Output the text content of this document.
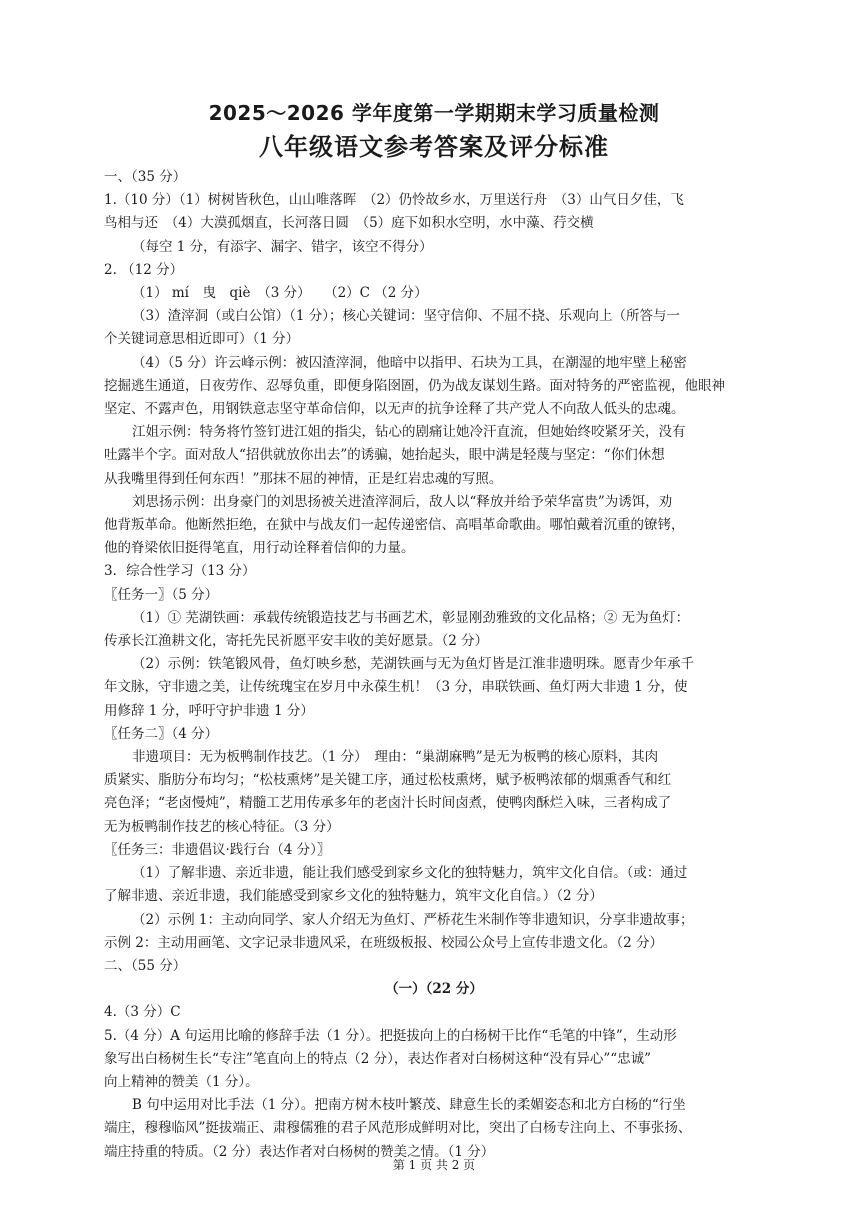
2025～2026 学年度第一学期期末学习质量检测
八年级语文参考答案及评分标准

一、（35 分）

1.（10 分）（1）树树皆秋色，山山唯落晖　（2）仍怜故乡水，万里送行舟　（3）山气日夕佳，飞

鸟相与还　（4）大漠孤烟直，长河落日圆　（5）庭下如积水空明，水中藻、荇交横

（每空 1 分，有添字、漏字、错字，该空不得分）

2. （12 分）

（1） mí　曳　qiè　（3 分）　　（2）C （2 分）

（3）渣滓洞（或白公馆）（1 分）；核心关键词：坚守信仰、不屈不挠、乐观向上（所答与一

个关键词意思相近即可）（1 分）

（4）（5 分）许云峰示例：被囚渣滓洞，他暗中以指甲、石块为工具，在潮湿的地牢壁上秘密

挖掘逃生通道，日夜劳作、忍辱负重，即便身陷囹圄，仍为战友谋划生路。面对特务的严密监视，他眼神

坚定、不露声色，用钢铁意志坚守革命信仰，以无声的抗争诠释了共产党人不向敌人低头的忠魂。

江姐示例：特务将竹签钉进江姐的指尖，钻心的剧痛让她冷汗直流，但她始终咬紧牙关，没有

吐露半个字。面对敌人“招供就放你出去”的诱骗，她抬起头，眼中满是轻蔑与坚定：“你们休想

从我嘴里得到任何东西！”那抹不屈的神情，正是红岩忠魂的写照。

刘思扬示例：出身豪门的刘思扬被关进渣滓洞后，敌人以“释放并给予荣华富贵”为诱饵，劝

他背叛革命。他断然拒绝，在狱中与战友们一起传递密信、高唱革命歌曲。哪怕戴着沉重的镣铐，

他的脊梁依旧挺得笔直，用行动诠释着信仰的力量。

3．综合性学习（13 分）

〖任务一〗（5 分）

（1）① 芜湖铁画：承载传统锻造技艺与书画艺术，彰显刚劲雅致的文化品格；② 无为鱼灯：

传承长江渔耕文化，寄托先民祈愿平安丰收的美好愿景。（2 分）

（2）示例：铁笔锻风骨，鱼灯映乡愁，芜湖铁画与无为鱼灯皆是江淮非遗明珠。愿青少年承千

年文脉，守非遗之美，让传统瑰宝在岁月中永葆生机！（3 分，串联铁画、鱼灯两大非遗 1 分，使

用修辞 1 分，呼吁守护非遗 1 分）

〖任务二〗（4 分）

非遗项目：无为板鸭制作技艺。（1 分）　理由：“巢湖麻鸭”是无为板鸭的核心原料，其肉

质紧实、脂肪分布均匀；“松枝熏烤”是关键工序，通过松枝熏烤，赋予板鸭浓郁的烟熏香气和红

亮色泽；“老卤慢炖”，精髓工艺用传承多年的老卤汁长时间卤煮，使鸭肉酥烂入味，三者构成了

无为板鸭制作技艺的核心特征。（3 分）

〖任务三：非遗倡议·践行台（4 分）〗

（1）了解非遗、亲近非遗，能让我们感受到家乡文化的独特魅力，筑牢文化自信。（或：通过

了解非遗、亲近非遗，我们能感受到家乡文化的独特魅力，筑牢文化自信。）（2 分）

（2）示例 1：主动向同学、家人介绍无为鱼灯、严桥花生米制作等非遗知识，分享非遗故事；

示例 2：主动用画笔、文字记录非遗风采，在班级板报、校园公众号上宣传非遗文化。（2 分）

二、（55 分）

（一）（22 分）

4.（3 分）C

5.（4 分）A 句运用比喻的修辞手法（1 分）。把挺拔向上的白杨树干比作“毛笔的中锋”，生动形

象写出白杨树生长“专注”笔直向上的特点（2 分），表达作者对白杨树这种“没有异心”“忠诚”

向上精神的赞美（1 分）。

B 句中运用对比手法（1 分）。把南方树木枝叶繁茂、肆意生长的柔媚姿态和北方白杨的“行坐

端庄，穆穆临风”挺拔端正、肃穆儒雅的君子风范形成鲜明对比，突出了白杨专注向上、不事张扬、

端庄持重的特质。（2 分）表达作者对白杨树的赞美之情。（1 分）

第 1 页 共 2 页
